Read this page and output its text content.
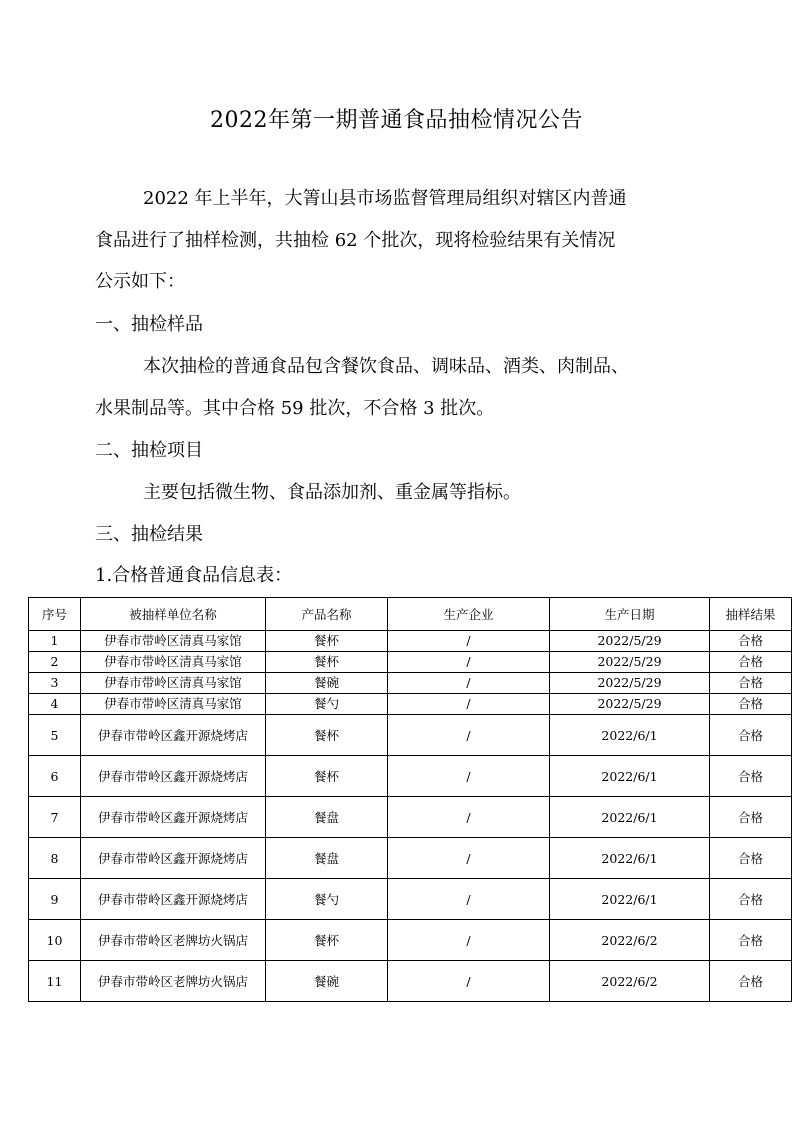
2022年第一期普通食品抽检情况公告
2022 年上半年，大箐山县市场监督管理局组织对辖区内普通
食品进行了抽样检测，共抽检 62 个批次，现将检验结果有关情况
公示如下：
一、抽检样品
本次抽检的普通食品包含餐饮食品、调味品、酒类、肉制品、
水果制品等。其中合格 59 批次，不合格 3 批次。
二、抽检项目
主要包括微生物、食品添加剂、重金属等指标。
三、抽检结果
1.合格普通食品信息表：
序号	被抽样单位名称	产品名称	生产企业	生产日期	抽样结果
1	伊春市带岭区清真马家馆	餐杯	/	2022/5/29	合格
2	伊春市带岭区清真马家馆	餐杯	/	2022/5/29	合格
3	伊春市带岭区清真马家馆	餐碗	/	2022/5/29	合格
4	伊春市带岭区清真马家馆	餐勺	/	2022/5/29	合格
5	伊春市带岭区鑫开源烧烤店	餐杯	/	2022/6/1	合格
6	伊春市带岭区鑫开源烧烤店	餐杯	/	2022/6/1	合格
7	伊春市带岭区鑫开源烧烤店	餐盘	/	2022/6/1	合格
8	伊春市带岭区鑫开源烧烤店	餐盘	/	2022/6/1	合格
9	伊春市带岭区鑫开源烧烤店	餐勺	/	2022/6/1	合格
10	伊春市带岭区老牌坊火锅店	餐杯	/	2022/6/2	合格
11	伊春市带岭区老牌坊火锅店	餐碗	/	2022/6/2	合格
